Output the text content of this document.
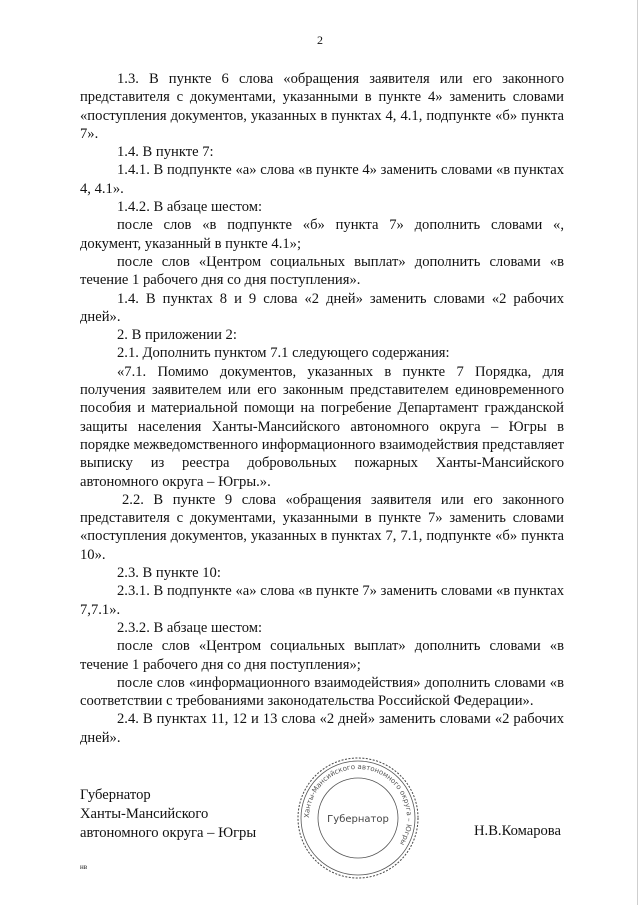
2

1.3. В пункте 6 слова «обращения заявителя или его законного представителя с документами, указанными в пункте 4» заменить словами «поступления документов, указанных в пунктах 4, 4.1, подпункте «б» пункта 7».

1.4. В пункте 7:

1.4.1. В подпункте «а» слова «в пункте 4» заменить словами «в пунктах 4, 4.1».

1.4.2. В абзаце шестом:

после слов «в подпункте «б» пункта 7» дополнить словами «, документ, указанный в пункте 4.1»;

после слов «Центром социальных выплат» дополнить словами «в течение 1 рабочего дня со дня поступления».

1.4. В пунктах 8 и 9 слова «2 дней» заменить словами «2 рабочих дней».

2. В приложении 2:

2.1. Дополнить пунктом 7.1 следующего содержания:

«7.1. Помимо документов, указанных в пункте 7 Порядка, для получения заявителем или его законным представителем единовременного пособия и материальной помощи на погребение Департамент гражданской защиты населения Ханты-Мансийского автономного округа – Югры в порядке межведомственного информационного взаимодействия представляет выписку из реестра добровольных пожарных Ханты-Мансийского автономного округа – Югры.».

2.2. В пункте 9 слова «обращения заявителя или его законного представителя с документами, указанными в пункте 7» заменить словами «поступления документов, указанных в пунктах 7, 7.1, подпункте «б» пункта 10».

2.3. В пункте 10:

2.3.1. В подпункте «а» слова «в пункте 7» заменить словами «в пунктах 7,7.1».

2.3.2. В абзаце шестом:

после слов «Центром социальных выплат» дополнить словами «в течение 1 рабочего дня со дня поступления»;

после слов «информационного взаимодействия» дополнить словами «в соответствии с требованиями законодательства Российской Федерации».

2.4. В пунктах 11, 12 и 13 слова «2 дней» заменить словами «2 рабочих дней».

Губернатор
Ханты-Мансийского
автономного округа – Югры	Н.В.Комарова
Ханты-Мансийского автономного округа – Югры
Губернатор
нв
